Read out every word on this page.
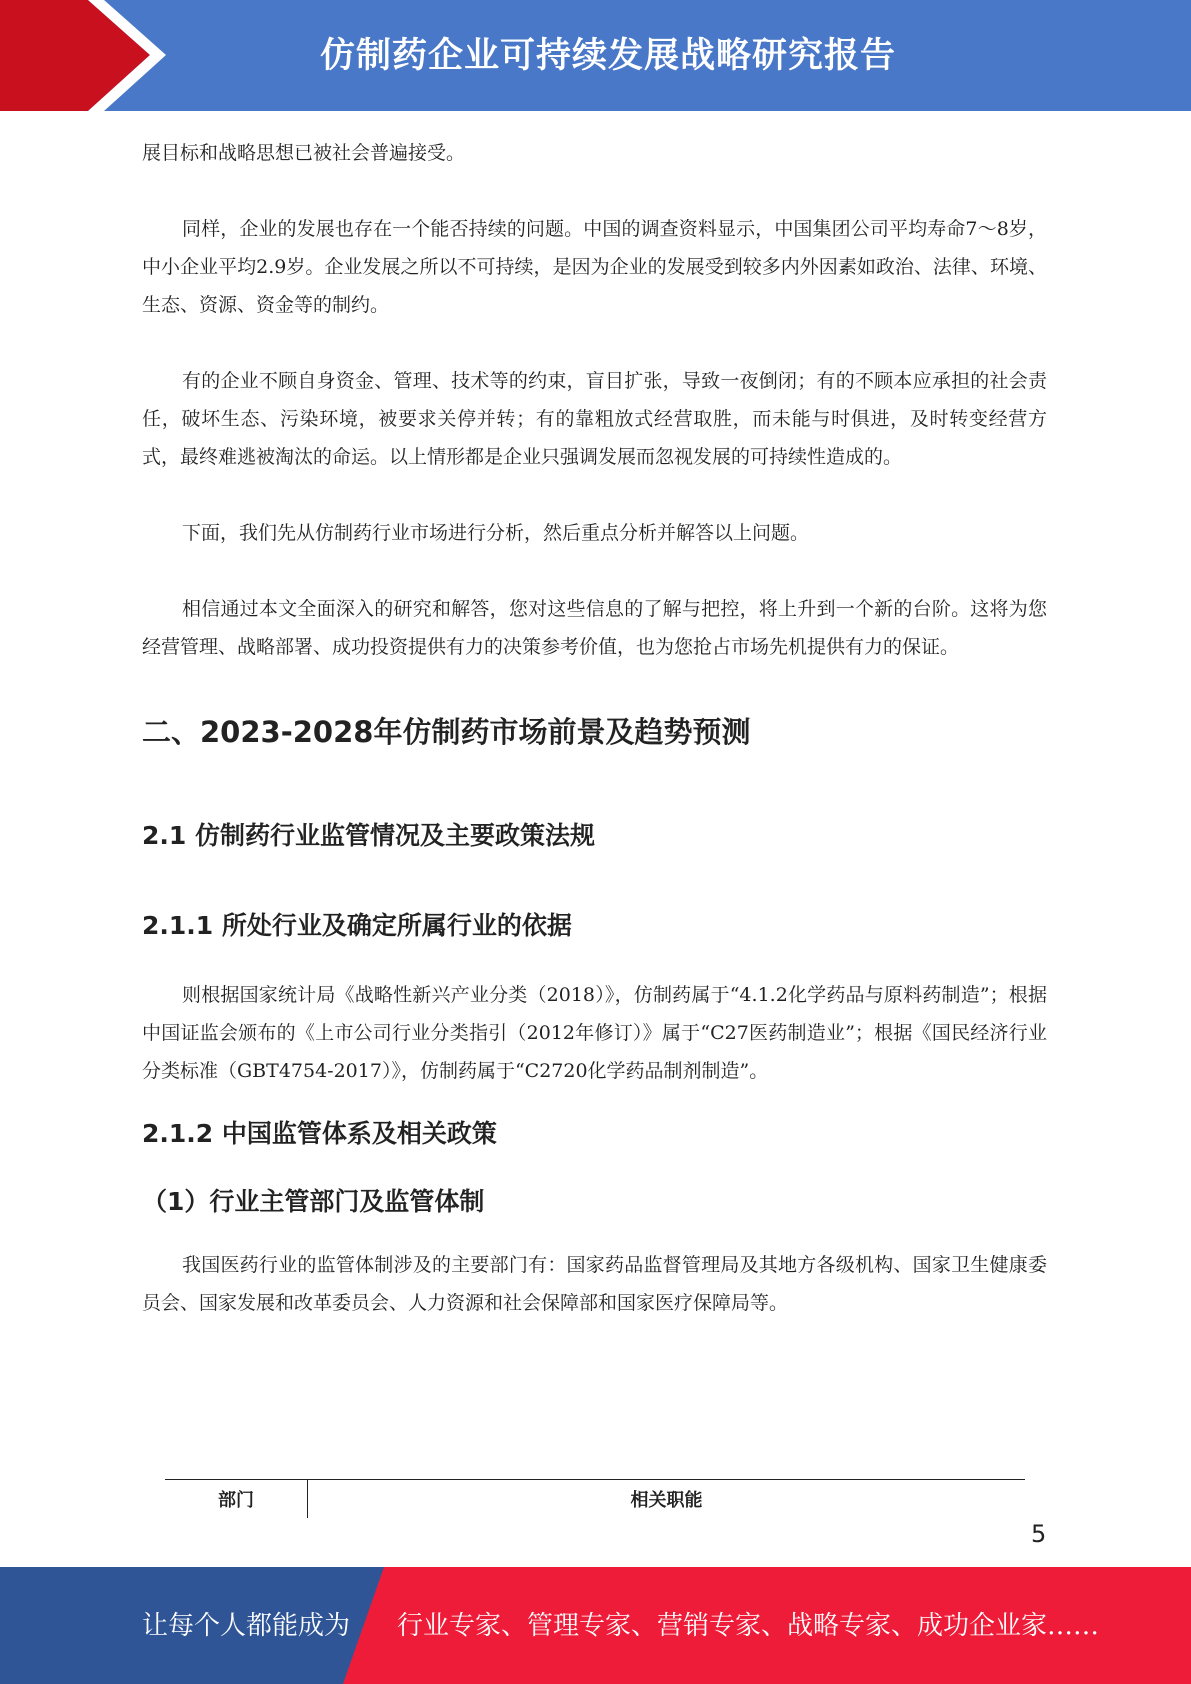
仿制药企业可持续发展战略研究报告

展目标和战略思想已被社会普遍接受。

同样，企业的发展也存在一个能否持续的问题。中国的调查资料显示，中国集团公司平均寿命7～8岁，中小企业平均2.9岁。企业发展之所以不可持续，是因为企业的发展受到较多内外因素如政治、法律、环境、生态、资源、资金等的制约。

有的企业不顾自身资金、管理、技术等的约束，盲目扩张，导致一夜倒闭；有的不顾本应承担的社会责任，破坏生态、污染环境，被要求关停并转；有的靠粗放式经营取胜，而未能与时俱进，及时转变经营方式，最终难逃被淘汰的命运。以上情形都是企业只强调发展而忽视发展的可持续性造成的。

下面，我们先从仿制药行业市场进行分析，然后重点分析并解答以上问题。

相信通过本文全面深入的研究和解答，您对这些信息的了解与把控，将上升到一个新的台阶。这将为您经营管理、战略部署、成功投资提供有力的决策参考价值，也为您抢占市场先机提供有力的保证。

二、2023-2028年仿制药市场前景及趋势预测
2.1 仿制药行业监管情况及主要政策法规
2.1.1 所处行业及确定所属行业的依据

则根据国家统计局《战略性新兴产业分类（2018）》，仿制药属于“4.1.2化学药品与原料药制造”；根据中国证监会颁布的《上市公司行业分类指引（2012年修订）》属于“C27医药制造业”；根据《国民经济行业分类标准（GBT4754-2017）》，仿制药属于“C2720化学药品制剂制造”。

2.1.2 中国监管体系及相关政策
（1）行业主管部门及监管体制

我国医药行业的监管体制涉及的主要部门有：国家药品监督管理局及其地方各级机构、国家卫生健康委员会、国家发展和改革委员会、人力资源和社会保障部和国家医疗保障局等。

部门	相关职能
5
让每个人都能成为 行业专家、管理专家、营销专家、战略专家、成功企业家……
